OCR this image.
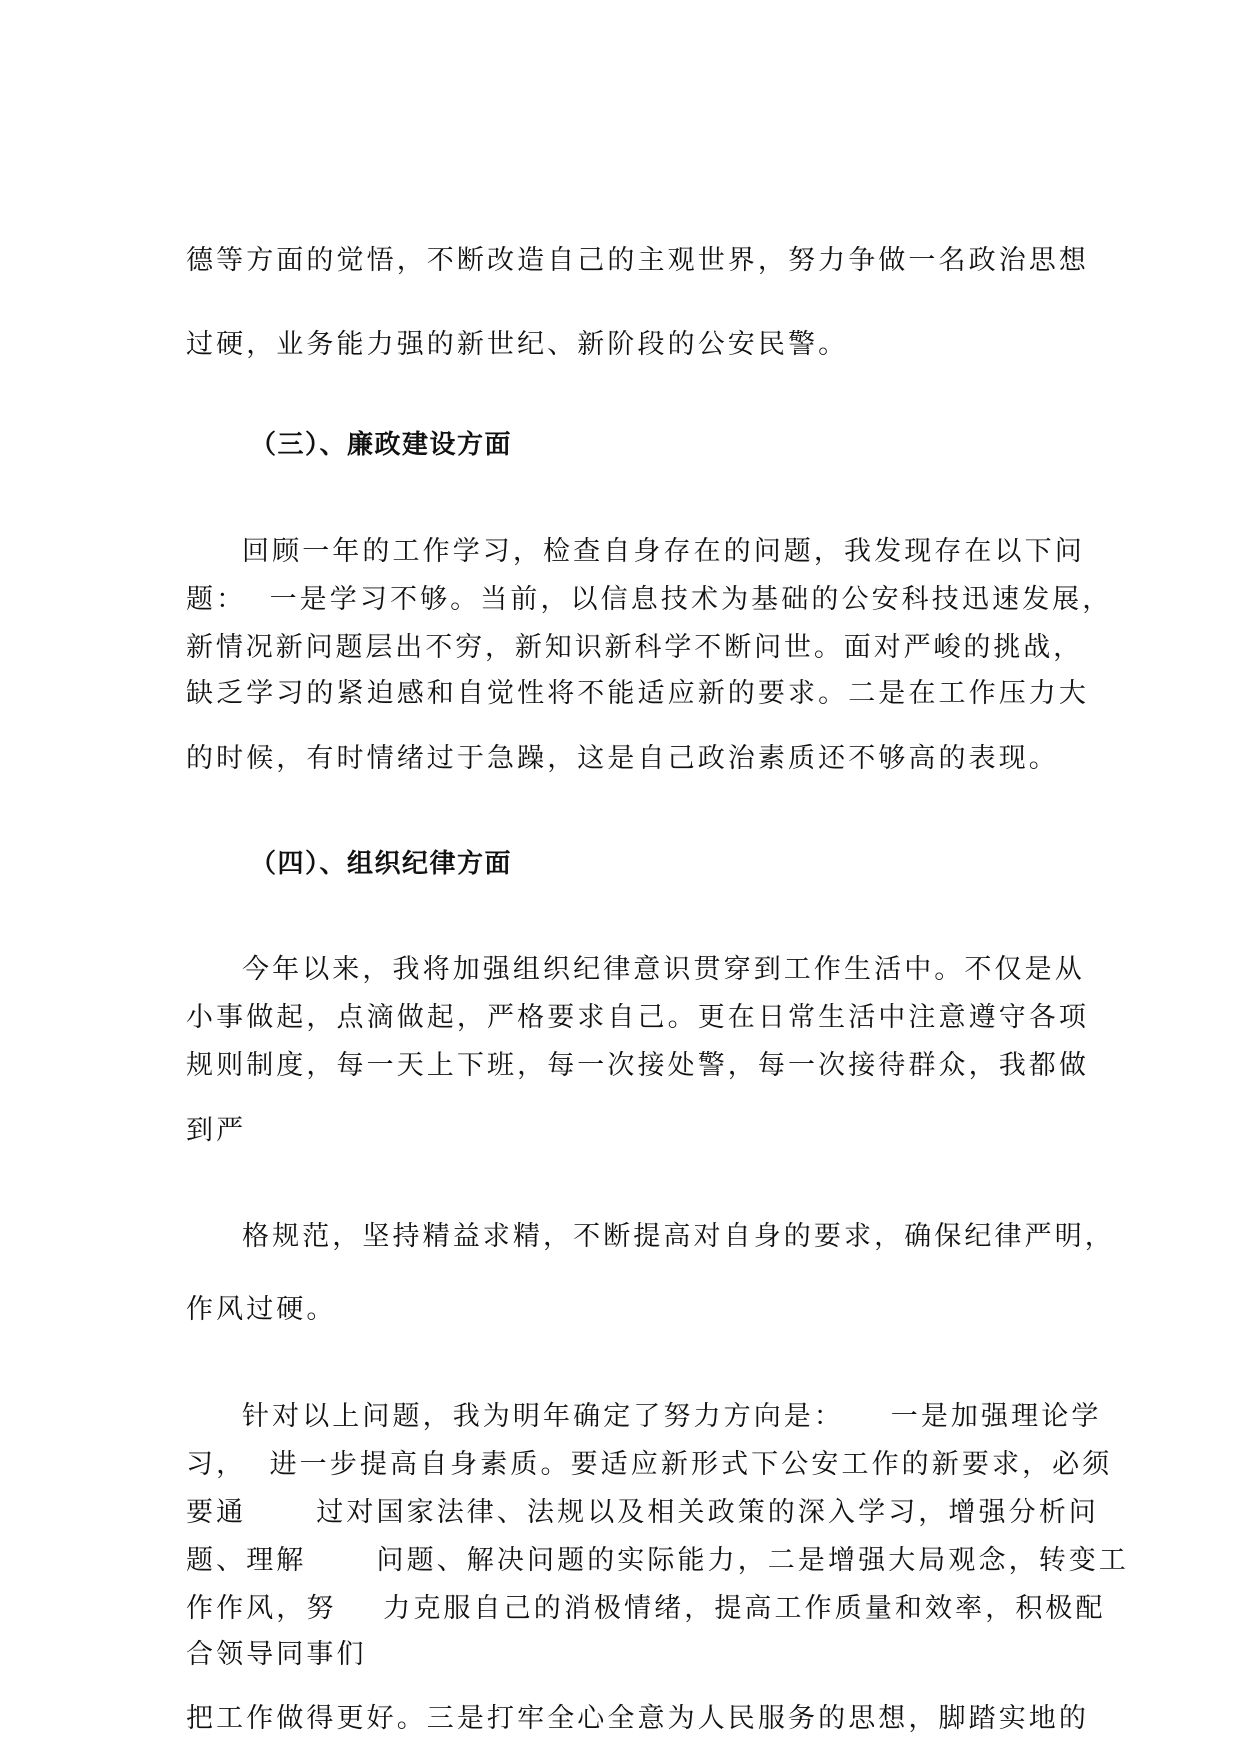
德等方面的觉悟，不断改造自己的主观世界，努力争做一名政治思想
过硬，业务能力强的新世纪、新阶段的公安民警。
（三）、廉政建设方面
回顾一年的工作学习，检查自身存在的问题，我发现存在以下问
题：  一是学习不够。当前，以信息技术为基础的公安科技迅速发展，
新情况新问题层出不穷，新知识新科学不断问世。面对严峻的挑战，
缺乏学习的紧迫感和自觉性将不能适应新的要求。二是在工作压力大
的时候，有时情绪过于急躁，这是自己政治素质还不够高的表现。
（四）、组织纪律方面
今年以来，我将加强组织纪律意识贯穿到工作生活中。不仅是从
小事做起，点滴做起，严格要求自己。更在日常生活中注意遵守各项
规则制度，每一天上下班，每一次接处警，每一次接待群众，我都做
到严
格规范，坚持精益求精，不断提高对自身的要求，确保纪律严明，
作风过硬。
针对以上问题，我为明年确定了努力方向是：    一是加强理论学
习，  进一步提高自身素质。要适应新形式下公安工作的新要求，必须
要通      过对国家法律、法规以及相关政策的深入学习，增强分析问
题、理解      问题、解决问题的实际能力，二是增强大局观念，转变工
作作风，努    力克服自己的消极情绪，提高工作质量和效率，积极配
合领导同事们
把工作做得更好。三是打牢全心全意为人民服务的思想，脚踏实地的
